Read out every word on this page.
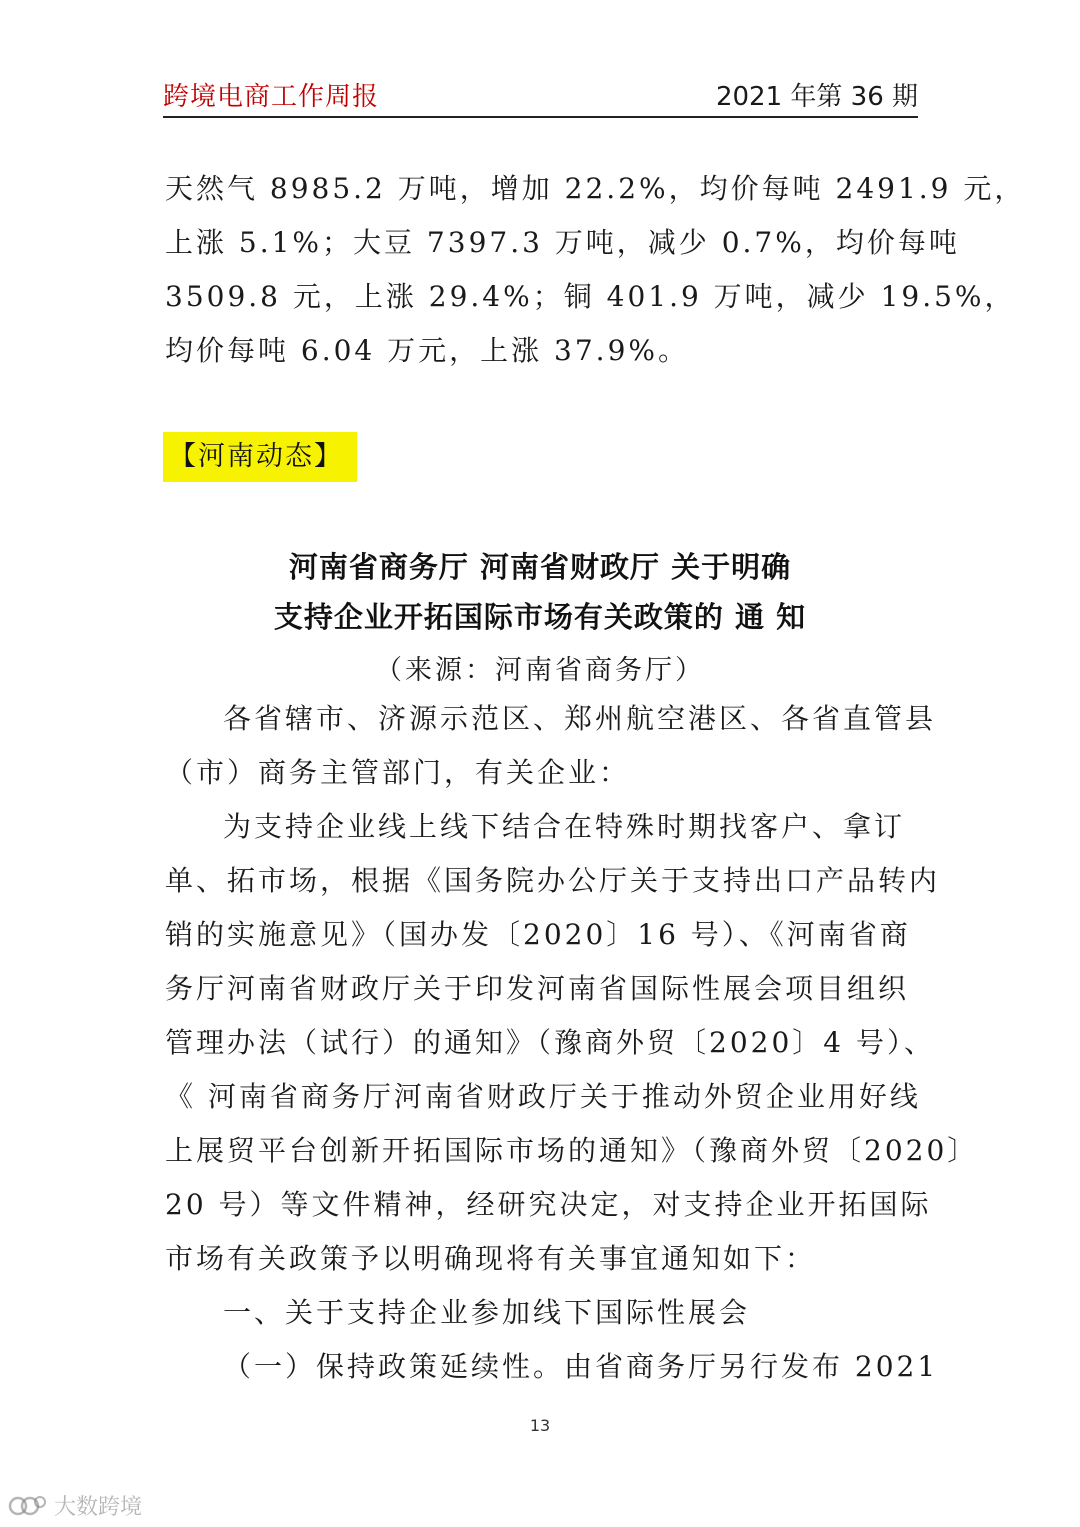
跨境电商工作周报	2021 年第 36 期
天然气 8985.2 万吨，增加 22.2%，均价每吨 2491.9 元，
上涨 5.1%；大豆 7397.3 万吨，减少 0.7%，均价每吨
3509.8 元，上涨 29.4%；铜 401.9 万吨，减少 19.5%，
均价每吨 6.04 万元，上涨 37.9%。
【河南动态】
河南省商务厅 河南省财政厅 关于明确
支持企业开拓国际市场有关政策的 通 知
（来源：河南省商务厅）
各省辖市、济源示范区、郑州航空港区、各省直管县
（市）商务主管部门，有关企业：
为支持企业线上线下结合在特殊时期找客户、拿订
单、拓市场，根据《国务院办公厅关于支持出口产品转内
销的实施意见》（国办发〔2020〕16 号）、《河南省商
务厅河南省财政厅关于印发河南省国际性展会项目组织
管理办法（试行）的通知》（豫商外贸〔2020〕4 号）、
《 河南省商务厅河南省财政厅关于推动外贸企业用好线
上展贸平台创新开拓国际市场的通知》（豫商外贸〔2020〕
20 号）等文件精神，经研究决定，对支持企业开拓国际
市场有关政策予以明确现将有关事宜通知如下：
一、关于支持企业参加线下国际性展会
（一）保持政策延续性。由省商务厅另行发布 2021
13
大数跨境
